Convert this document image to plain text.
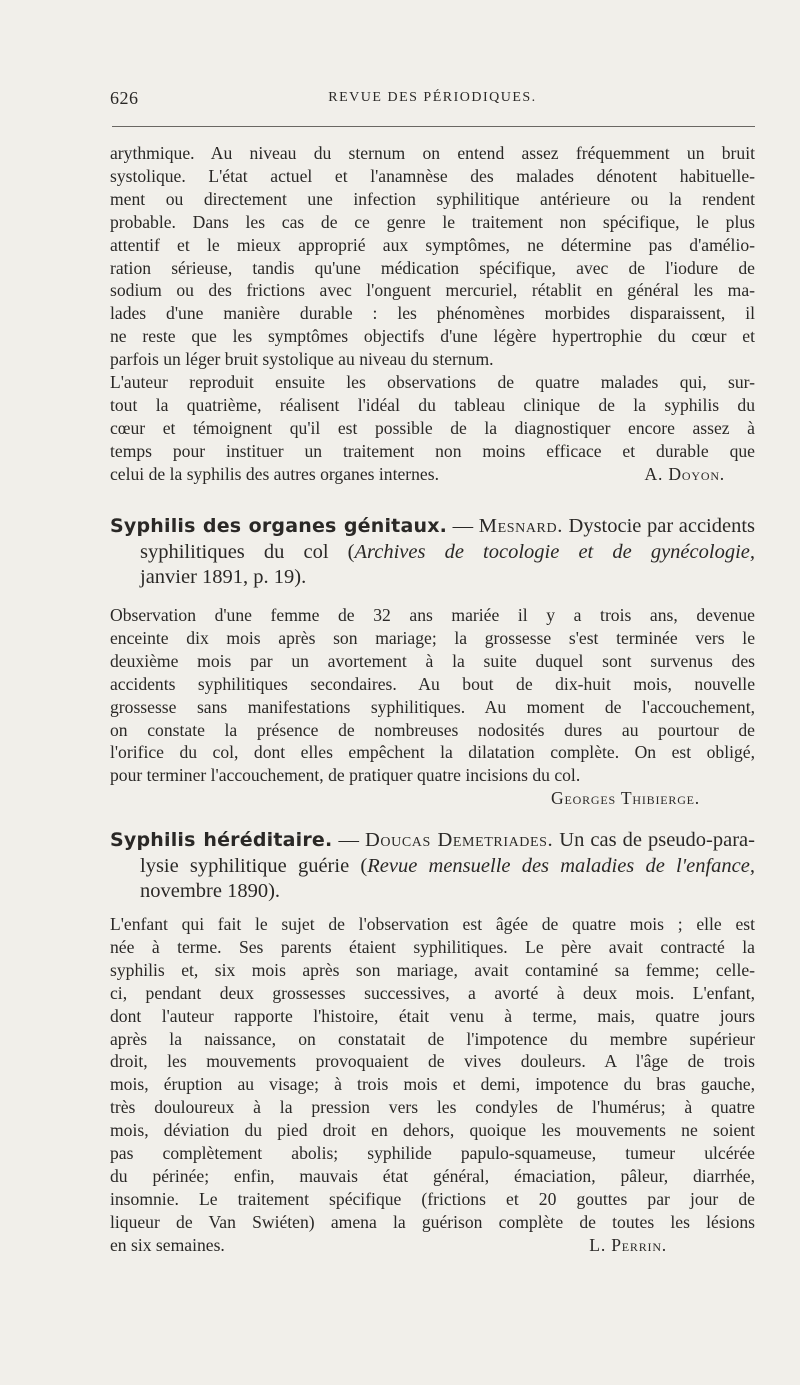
626	REVUE DES PÉRIODIQUES.
arythmique. Au niveau du sternum on entend assez fréquemment un bruit
systolique. L'état actuel et l'anamnèse des malades dénotent habituelle-
ment ou directement une infection syphilitique antérieure ou la rendent
probable. Dans les cas de ce genre le traitement non spécifique, le plus
attentif et le mieux approprié aux symptômes, ne détermine pas d'amélio-
ration sérieuse, tandis qu'une médication spécifique, avec de l'iodure de
sodium ou des frictions avec l'onguent mercuriel, rétablit en général les ma-
lades d'une manière durable : les phénomènes morbides disparaissent, il
ne reste que les symptômes objectifs d'une légère hypertrophie du cœur et
parfois un léger bruit systolique au niveau du sternum.
L'auteur reproduit ensuite les observations de quatre malades qui, sur-
tout la quatrième, réalisent l'idéal du tableau clinique de la syphilis du
cœur et témoignent qu'il est possible de la diagnostiquer encore assez à
temps pour instituer un traitement non moins efficace et durable que
celui de la syphilis des autres organes internes.	A. Doyon.
Syphilis des organes génitaux. — Mesnard. Dystocie par accidents
syphilitiques du col (Archives de tocologie et de gynécologie,
janvier 1891, p. 19).
Observation d'une femme de 32 ans mariée il y a trois ans, devenue
enceinte dix mois après son mariage; la grossesse s'est terminée vers le
deuxième mois par un avortement à la suite duquel sont survenus des
accidents syphilitiques secondaires. Au bout de dix-huit mois, nouvelle
grossesse sans manifestations syphilitiques. Au moment de l'accouchement,
on constate la présence de nombreuses nodosités dures au pourtour de
l'orifice du col, dont elles empêchent la dilatation complète. On est obligé,
pour terminer l'accouchement, de pratiquer quatre incisions du col.
Georges Thibierge.
Syphilis héréditaire. — Doucas Demetriades. Un cas de pseudo-para-
lysie syphilitique guérie (Revue mensuelle des maladies de l'enfance,
novembre 1890).
L'enfant qui fait le sujet de l'observation est âgée de quatre mois ; elle est
née à terme. Ses parents étaient syphilitiques. Le père avait contracté la
syphilis et, six mois après son mariage, avait contaminé sa femme; celle-
ci, pendant deux grossesses successives, a avorté à deux mois. L'enfant,
dont l'auteur rapporte l'histoire, était venu à terme, mais, quatre jours
après la naissance, on constatait de l'impotence du membre supérieur
droit, les mouvements provoquaient de vives douleurs. A l'âge de trois
mois, éruption au visage; à trois mois et demi, impotence du bras gauche,
très douloureux à la pression vers les condyles de l'humérus; à quatre
mois, déviation du pied droit en dehors, quoique les mouvements ne soient
pas complètement abolis; syphilide papulo-squameuse, tumeur ulcérée
du périnée; enfin, mauvais état général, émaciation, pâleur, diarrhée,
insomnie. Le traitement spécifique (frictions et 20 gouttes par jour de
liqueur de Van Swiéten) amena la guérison complète de toutes les lésions
en six semaines.	L. Perrin.
